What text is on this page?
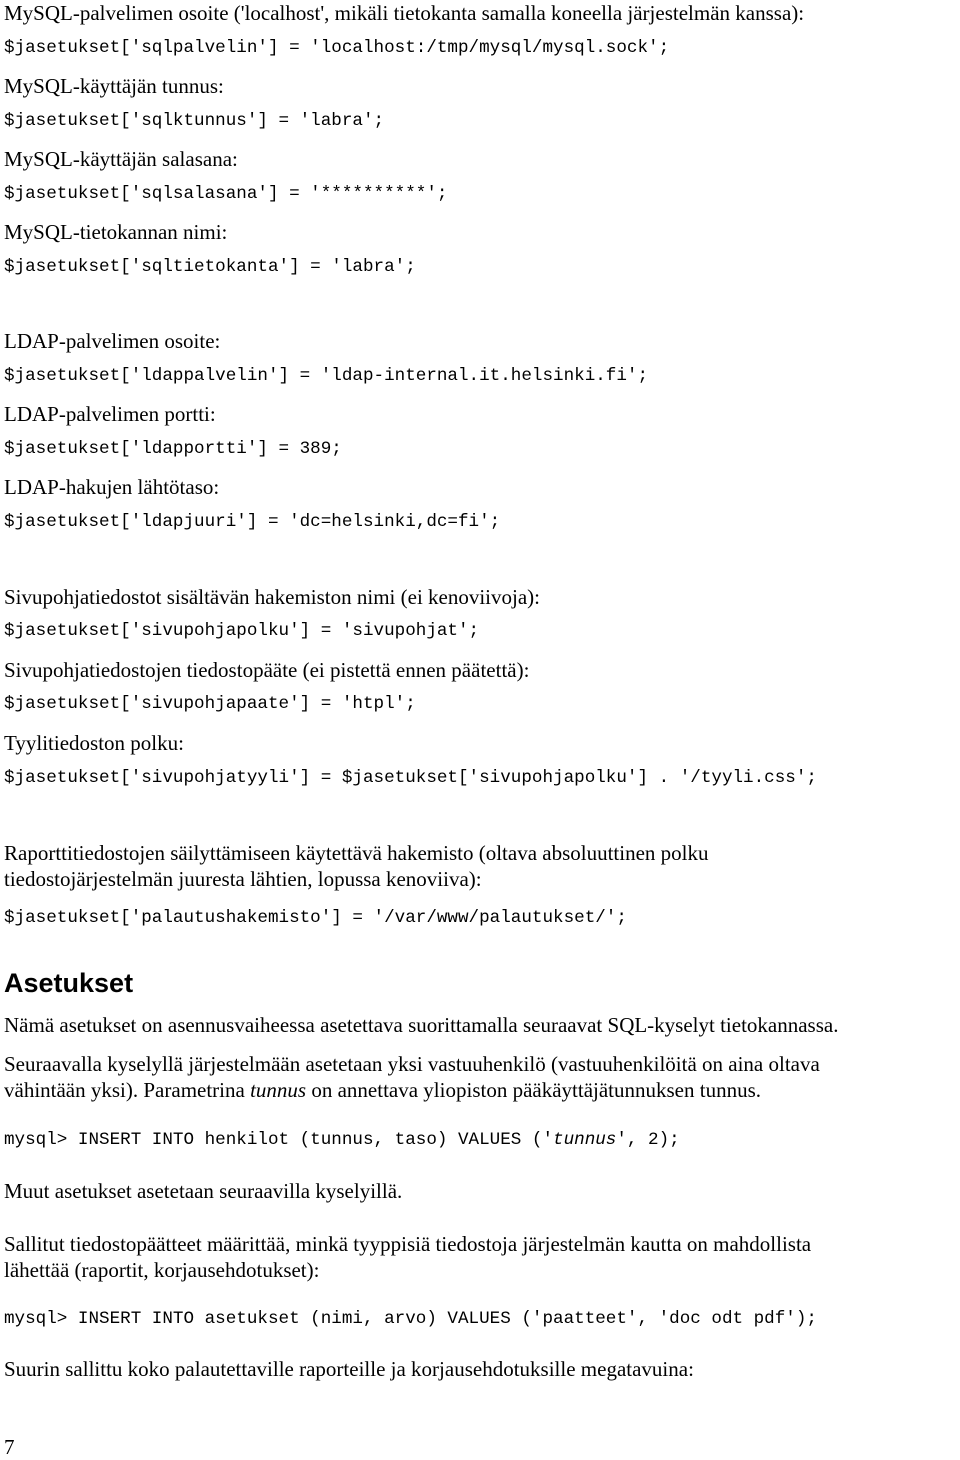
MySQL-palvelimen osoite ('localhost', mikäli tietokanta samalla koneella järjestelmän kanssa):
$jasetukset['sqlpalvelin'] = 'localhost:/tmp/mysql/mysql.sock';
MySQL-käyttäjän tunnus:
$jasetukset['sqlktunnus'] = 'labra';
MySQL-käyttäjän salasana:
$jasetukset['sqlsalasana'] = '**********';
MySQL-tietokannan nimi:
$jasetukset['sqltietokanta'] = 'labra';
LDAP-palvelimen osoite:
$jasetukset['ldappalvelin'] = 'ldap-internal.it.helsinki.fi';
LDAP-palvelimen portti:
$jasetukset['ldapportti'] = 389;
LDAP-hakujen lähtötaso:
$jasetukset['ldapjuuri'] = 'dc=helsinki,dc=fi';
Sivupohjatiedostot sisältävän hakemiston nimi (ei kenoviivoja):
$jasetukset['sivupohjapolku'] = 'sivupohjat';
Sivupohjatiedostojen tiedostopääte (ei pistettä ennen päätettä):
$jasetukset['sivupohjapaate'] = 'htpl';
Tyylitiedoston polku:
$jasetukset['sivupohjatyyli'] = $jasetukset['sivupohjapolku'] . '/tyyli.css';
Raporttitiedostojen säilyttämiseen käytettävä hakemisto (oltava absoluuttinen polku
tiedostojärjestelmän juuresta lähtien, lopussa kenoviiva):
$jasetukset['palautushakemisto'] = '/var/www/palautukset/';
Asetukset
Nämä asetukset on asennusvaiheessa asetettava suorittamalla seuraavat SQL-kyselyt tietokannassa.
Seuraavalla kyselyllä järjestelmään asetetaan yksi vastuuhenkilö (vastuuhenkilöitä on aina oltava
vähintään yksi). Parametrina tunnus on annettava yliopiston pääkäyttäjätunnuksen tunnus.
mysql> INSERT INTO henkilot (tunnus, taso) VALUES ('tunnus', 2);
Muut asetukset asetetaan seuraavilla kyselyillä.
Sallitut tiedostopäätteet määrittää, minkä tyyppisiä tiedostoja järjestelmän kautta on mahdollista
lähettää (raportit, korjausehdotukset):
mysql> INSERT INTO asetukset (nimi, arvo) VALUES ('paatteet', 'doc odt pdf');
Suurin sallittu koko palautettaville raporteille ja korjausehdotuksille megatavuina:
7
